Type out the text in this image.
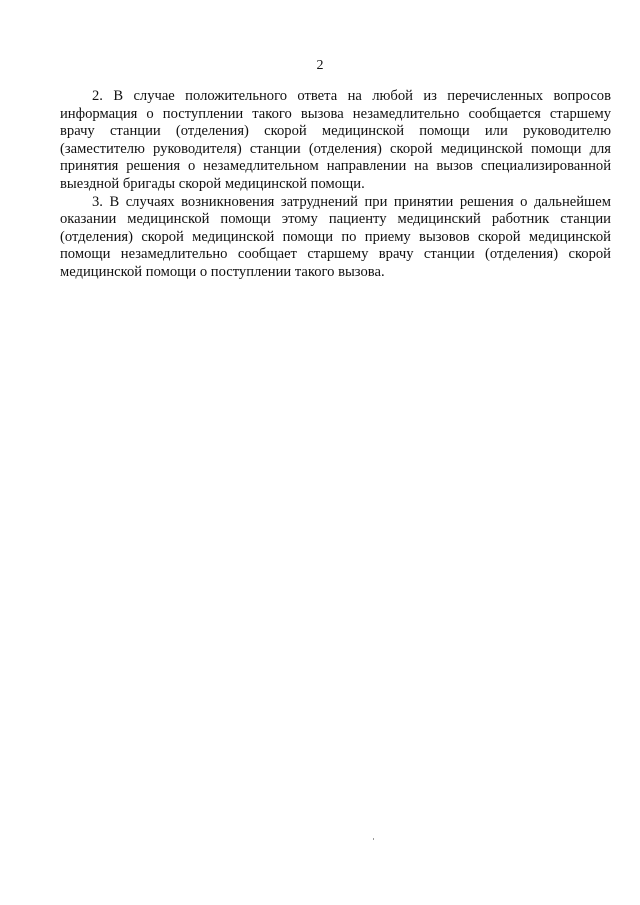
2

2. В случае положительного ответа на любой из перечисленных вопросов информация о поступлении такого вызова незамедлительно сообщается старшему врачу станции (отделения) скорой медицинской помощи или руководителю (заместителю руководителя) станции (отделения) скорой медицинской помощи для принятия решения о незамедлительном направлении на вызов специализированной выездной бригады скорой медицинской помощи.

3. В случаях возникновения затруднений при принятии решения о дальнейшем оказании медицинской помощи этому пациенту медицинский работник станции (отделения) скорой медицинской помощи по приему вызовов скорой медицинской помощи незамедлительно сообщает старшему врачу станции (отделения) скорой медицинской помощи о поступлении такого вызова.
